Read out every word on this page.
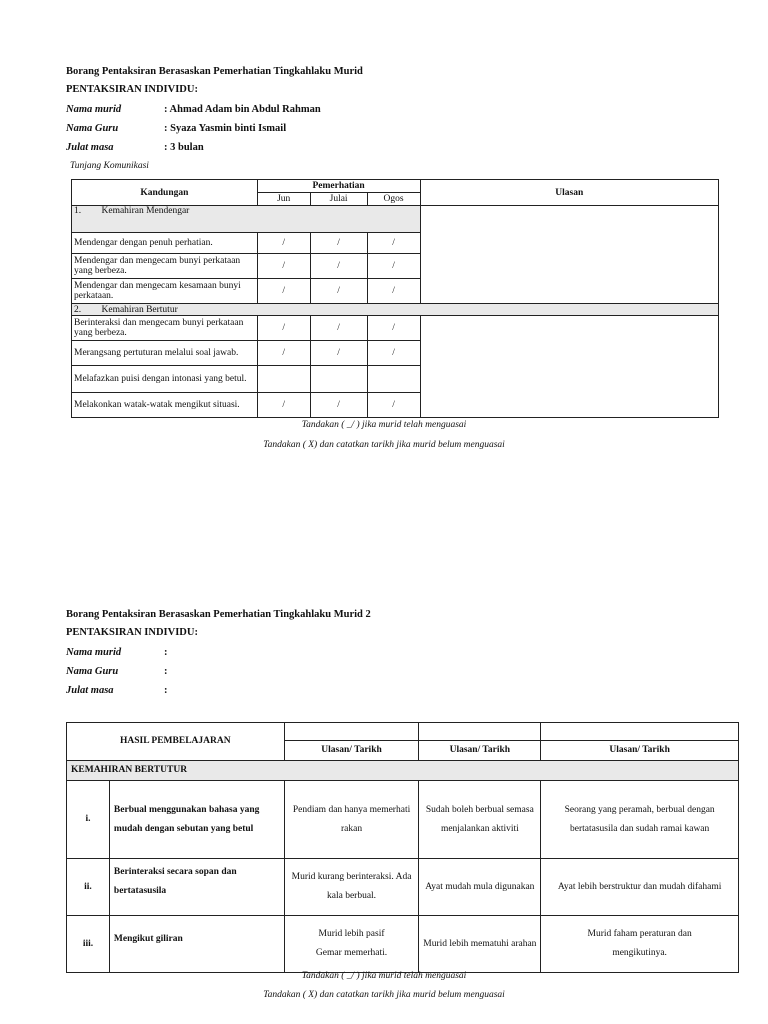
Borang Pentaksiran Berasaskan Pemerhatian Tingkahlaku Murid
PENTAKSIRAN INDIVIDU:
Nama murid	: Ahmad Adam bin Abdul Rahman
Nama Guru	: Syaza Yasmin binti Ismail
Julat masa	: 3 bulan
Tunjang Komunikasi
Kandungan	Pemerhatian			Ulasan
	Jun	Julai	Ogos	
1. Kemahiran Mendengar				
Mendengar dengan penuh perhatian.	/	/	/	
Mendengar dan mengecam bunyi perkataan yang berbeza.	/	/	/	
Mendengar dan mengecam kesamaan bunyi perkataan.	/	/	/	
2. Kemahiran Bertutur				
Berinteraksi dan mengecam bunyi perkataan yang berbeza.	/	/	/	
Merangsang pertuturan melalui soal jawab.	/	/	/	
Melafazkan puisi dengan intonasi yang betul.				
Melakonkan watak-watak mengikut situasi.	/	/	/	
Tandakan ( _/ ) jika murid telah menguasai
Tandakan ( X) dan catatkan tarikh jika murid belum menguasai
Borang Pentaksiran Berasaskan Pemerhatian Tingkahlaku Murid 2
PENTAKSIRAN INDIVIDU:
Nama murid	:
Nama Guru	:
Julat masa	:
HASIL PEMBELAJARAN				
		Ulasan/ Tarikh	Ulasan/ Tarikh	Ulasan/ Tarikh
KEMAHIRAN BERTUTUR				
i.	Berbual menggunakan bahasa yang mudah dengan sebutan yang betul	Pendiam dan hanya memerhati rakan	Sudah boleh berbual semasa menjalankan aktiviti	Seorang yang peramah, berbual dengan bertatasusila dan sudah ramai kawan
ii.	Berinteraksi secara sopan dan bertatasusila	Murid kurang berinteraksi. Ada kala berbual.	Ayat mudah mula digunakan	Ayat lebih berstruktur dan mudah difahami
iii.	Mengikut giliran	Murid lebih pasif Gemar memerhati.	Murid lebih mematuhi arahan	Murid faham peraturan dan mengikutinya.
Tandakan ( _/ ) jika murid telah menguasai
Tandakan ( X) dan catatkan tarikh jika murid belum menguasai
